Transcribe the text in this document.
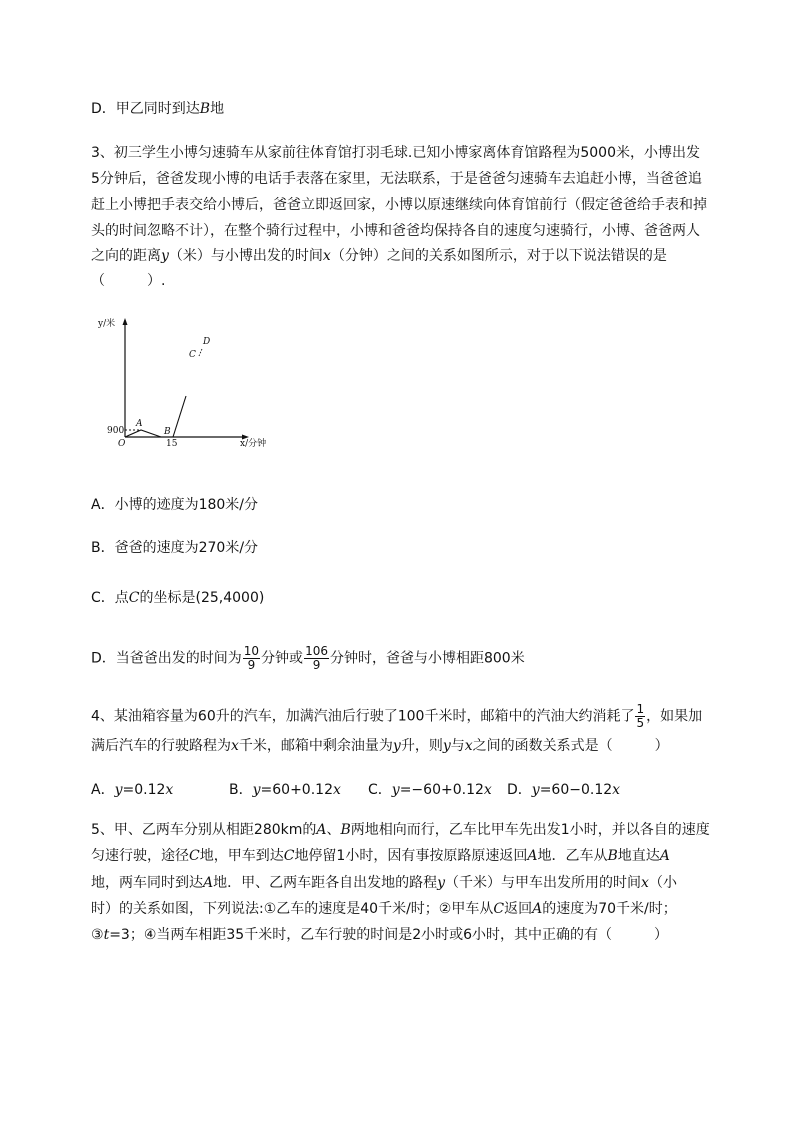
D．甲乙同时到达B地
3、初三学生小博匀速骑车从家前往体育馆打羽毛球.已知小博家离体育馆路程为5000米，小博出发
5分钟后，爸爸发现小博的电话手表落在家里，无法联系，于是爸爸匀速骑车去追赶小博，当爸爸追
赶上小博把手表交给小博后，爸爸立即返回家，小博以原速继续向体育馆前行（假定爸爸给手表和掉
头的时间忽略不计），在整个骑行过程中，小博和爸爸均保持各自的速度匀速骑行，小博、爸爸两人
之向的距离y（米）与小博出发的时间x（分钟）之间的关系如图所示，对于以下说法错误的是
（　　　）.
y/米
x/分钟
900
15
O
A
B
C
D
A．小博的迹度为180米/分
B．爸爸的速度为270米/分
C．点C的坐标是(25,4000)
D．当爸爸出发的时间为 $\frac{10}{9}$ 分钟或 $\frac{106}{9}$ 分钟时，爸爸与小博相距800米
4、某油箱容量为60升的汽车，加满汽油后行驶了100千米时，邮箱中的汽油大约消耗了 $\frac{1}{5}$ ，如果加
满后汽车的行驶路程为x千米，邮箱中剩余油量为y升，则y与x之间的函数关系式是（　　　）
A．y=0.12x	B．y=60+0.12x C．y=−60+0.12x D．y=60−0.12x
5、甲、乙两车分别从相距280km的A、B两地相向而行，乙车比甲车先出发1小时，并以各自的速度
匀速行驶，途径C地，甲车到达C地停留1小时，因有事按原路原速返回A地．乙车从B地直达A
地，两车同时到达A地．甲、乙两车距各自出发地的路程y（千米）与甲车出发所用的时间x（小
时）的关系如图，下列说法:①乙车的速度是40千米/时；②甲车从C返回A的速度为70千米/时；
③t=3；④当两车相距35千米时，乙车行驶的时间是2小时或6小时，其中正确的有（　　　）
